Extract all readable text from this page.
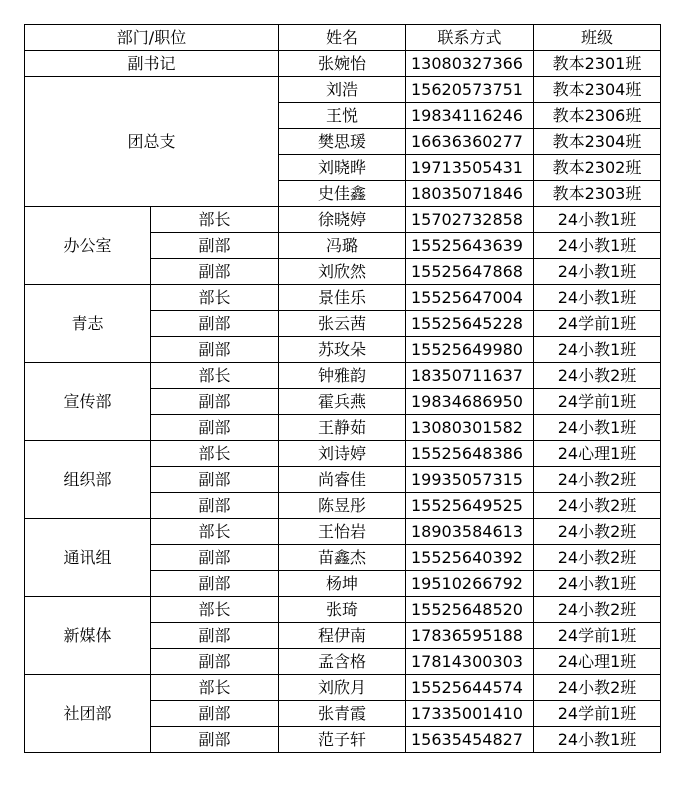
部门/职位		姓名	联系方式	班级
副书记		张婉怡	13080327366	教本2301班
团总支		刘浩	15620573751	教本2304班
		王悦	19834116246	教本2306班
		樊思瑗	16636360277	教本2304班
		刘晓晔	19713505431	教本2302班
		史佳鑫	18035071846	教本2303班
办公室	部长	徐晓婷	15702732858	24小教1班
	副部	冯璐	15525643639	24小教1班
	副部	刘欣然	15525647868	24小教1班
青志	部长	景佳乐	15525647004	24小教1班
	副部	张云茜	15525645228	24学前1班
	副部	苏玫朵	15525649980	24小教1班
宣传部	部长	钟雅韵	18350711637	24小教2班
	副部	霍兵燕	19834686950	24学前1班
	副部	王静茹	13080301582	24小教1班
组织部	部长	刘诗婷	15525648386	24心理1班
	副部	尚睿佳	19935057315	24小教2班
	副部	陈昱彤	15525649525	24小教2班
通讯组	部长	王怡岩	18903584613	24小教2班
	副部	苗鑫杰	15525640392	24小教2班
	副部	杨坤	19510266792	24小教1班
新媒体	部长	张琦	15525648520	24小教2班
	副部	程伊南	17836595188	24学前1班
	副部	孟含格	17814300303	24心理1班
社团部	部长	刘欣月	15525644574	24小教2班
	副部	张青霞	17335001410	24学前1班
	副部	范子轩	15635454827	24小教1班
